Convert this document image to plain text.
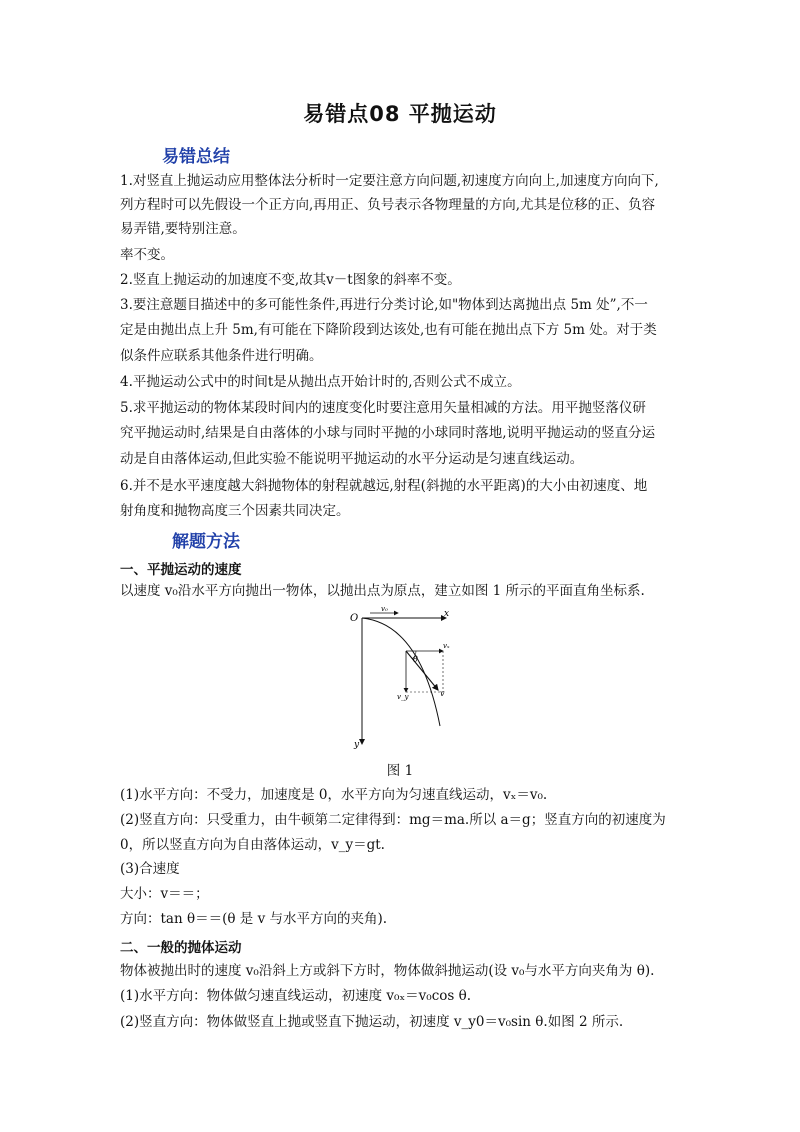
易错点08 平抛运动
易错总结
1.对竖直上抛运动应用整体法分析时一定要注意方向问题,初速度方向向上,加速度方向向下,
列方程时可以先假设一个正方向,再用正、负号表示各物理量的方向,尤其是位移的正、负容
易弄错,要特别注意。
率不变。
2.竖直上抛运动的加速度不变,故其v－t图象的斜率不变。
3.要注意题目描述中的多可能性条件,再进行分类讨论,如"物体到达离抛出点 5m 处”,不一
定是由抛出点上升 5m,有可能在下降阶段到达该处,也有可能在抛出点下方 5m 处。对于类
似条件应联系其他条件进行明确。
4.平抛运动公式中的时间t是从抛出点开始计时的,否则公式不成立。
5.求平抛运动的物体某段时间内的速度变化时要注意用矢量相减的方法。用平抛竖落仪研
究平抛运动时,结果是自由落体的小球与同时平抛的小球同时落地,说明平抛运动的竖直分运
动是自由落体运动,但此实验不能说明平抛运动的水平分运动是匀速直线运动。
6.并不是水平速度越大斜抛物体的射程就越远,射程(斜抛的水平距离)的大小由初速度、地
射角度和抛物高度三个因素共同决定。
解题方法
一、平抛运动的速度
以速度 v₀沿水平方向抛出一物体，以抛出点为原点，建立如图 1 所示的平面直角坐标系.
O	x
y
v₀
vₓ
v_y	v
θ
图 1
(1)水平方向：不受力，加速度是 0，水平方向为匀速直线运动，vₓ＝v₀.
(2)竖直方向：只受重力，由牛顿第二定律得到：mg＝ma.所以 a＝g；竖直方向的初速度为
0，所以竖直方向为自由落体运动，v_y＝gt.
(3)合速度
大小：v＝＝；
方向：tan θ＝＝(θ 是 v 与水平方向的夹角).
二、一般的抛体运动
物体被抛出时的速度 v₀沿斜上方或斜下方时，物体做斜抛运动(设 v₀与水平方向夹角为 θ).
(1)水平方向：物体做匀速直线运动，初速度 v₀ₓ＝v₀cos θ.
(2)竖直方向：物体做竖直上抛或竖直下抛运动，初速度 v_y0＝v₀sin θ.如图 2 所示.
